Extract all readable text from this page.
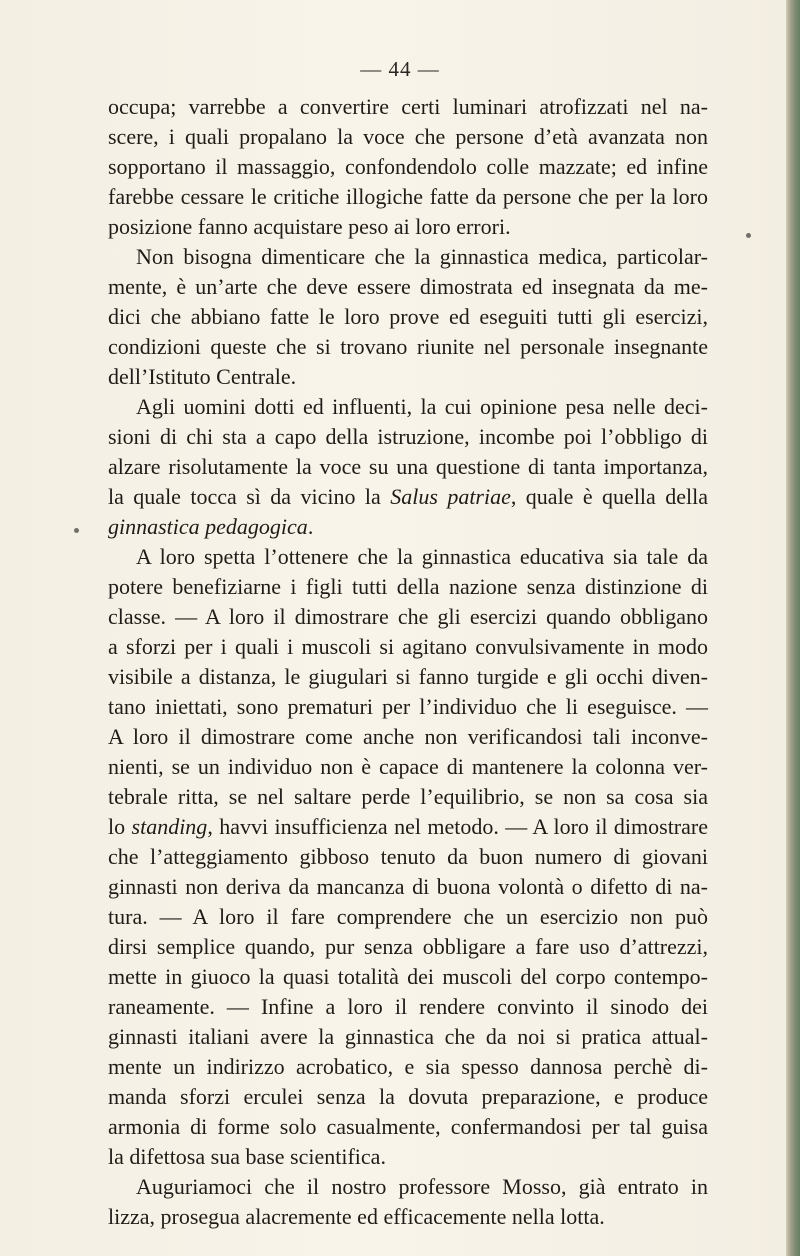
— 44 —
occupa; varrebbe a convertire certi luminari atrofizzati nel na-
scere, i quali propalano la voce che persone d’età avanzata non
sopportano il massaggio, confondendolo colle mazzate; ed infine
farebbe cessare le critiche illogiche fatte da persone che per la loro
posizione fanno acquistare peso ai loro errori.
Non bisogna dimenticare che la ginnastica medica, particolar-
mente, è un’arte che deve essere dimostrata ed insegnata da me-
dici che abbiano fatte le loro prove ed eseguiti tutti gli esercizi,
condizioni queste che si trovano riunite nel personale insegnante
dell’Istituto Centrale.
Agli uomini dotti ed influenti, la cui opinione pesa nelle deci-
sioni di chi sta a capo della istruzione, incombe poi l’obbligo di
alzare risolutamente la voce su una questione di tanta importanza,
la quale tocca sì da vicino la Salus patriae, quale è quella della
ginnastica pedagogica.
A loro spetta l’ottenere che la ginnastica educativa sia tale da
potere benefiziarne i figli tutti della nazione senza distinzione di
classe. — A loro il dimostrare che gli esercizi quando obbligano
a sforzi per i quali i muscoli si agitano convulsivamente in modo
visibile a distanza, le giugulari si fanno turgide e gli occhi diven-
tano iniettati, sono prematuri per l’individuo che li eseguisce. —
A loro il dimostrare come anche non verificandosi tali inconve-
nienti, se un individuo non è capace di mantenere la colonna ver-
tebrale ritta, se nel saltare perde l’equilibrio, se non sa cosa sia
lo standing, havvi insufficienza nel metodo. — A loro il dimostrare
che l’atteggiamento gibboso tenuto da buon numero di giovani
ginnasti non deriva da mancanza di buona volontà o difetto di na-
tura. — A loro il fare comprendere che un esercizio non può
dirsi semplice quando, pur senza obbligare a fare uso d’attrezzi,
mette in giuoco la quasi totalità dei muscoli del corpo contempo-
raneamente. — Infine a loro il rendere convinto il sinodo dei
ginnasti italiani avere la ginnastica che da noi si pratica attual-
mente un indirizzo acrobatico, e sia spesso dannosa perchè di-
manda sforzi erculei senza la dovuta preparazione, e produce
armonia di forme solo casualmente, confermandosi per tal guisa
la difettosa sua base scientifica.
Auguriamoci che il nostro professore Mosso, già entrato in
lizza, prosegua alacremente ed efficacemente nella lotta.
